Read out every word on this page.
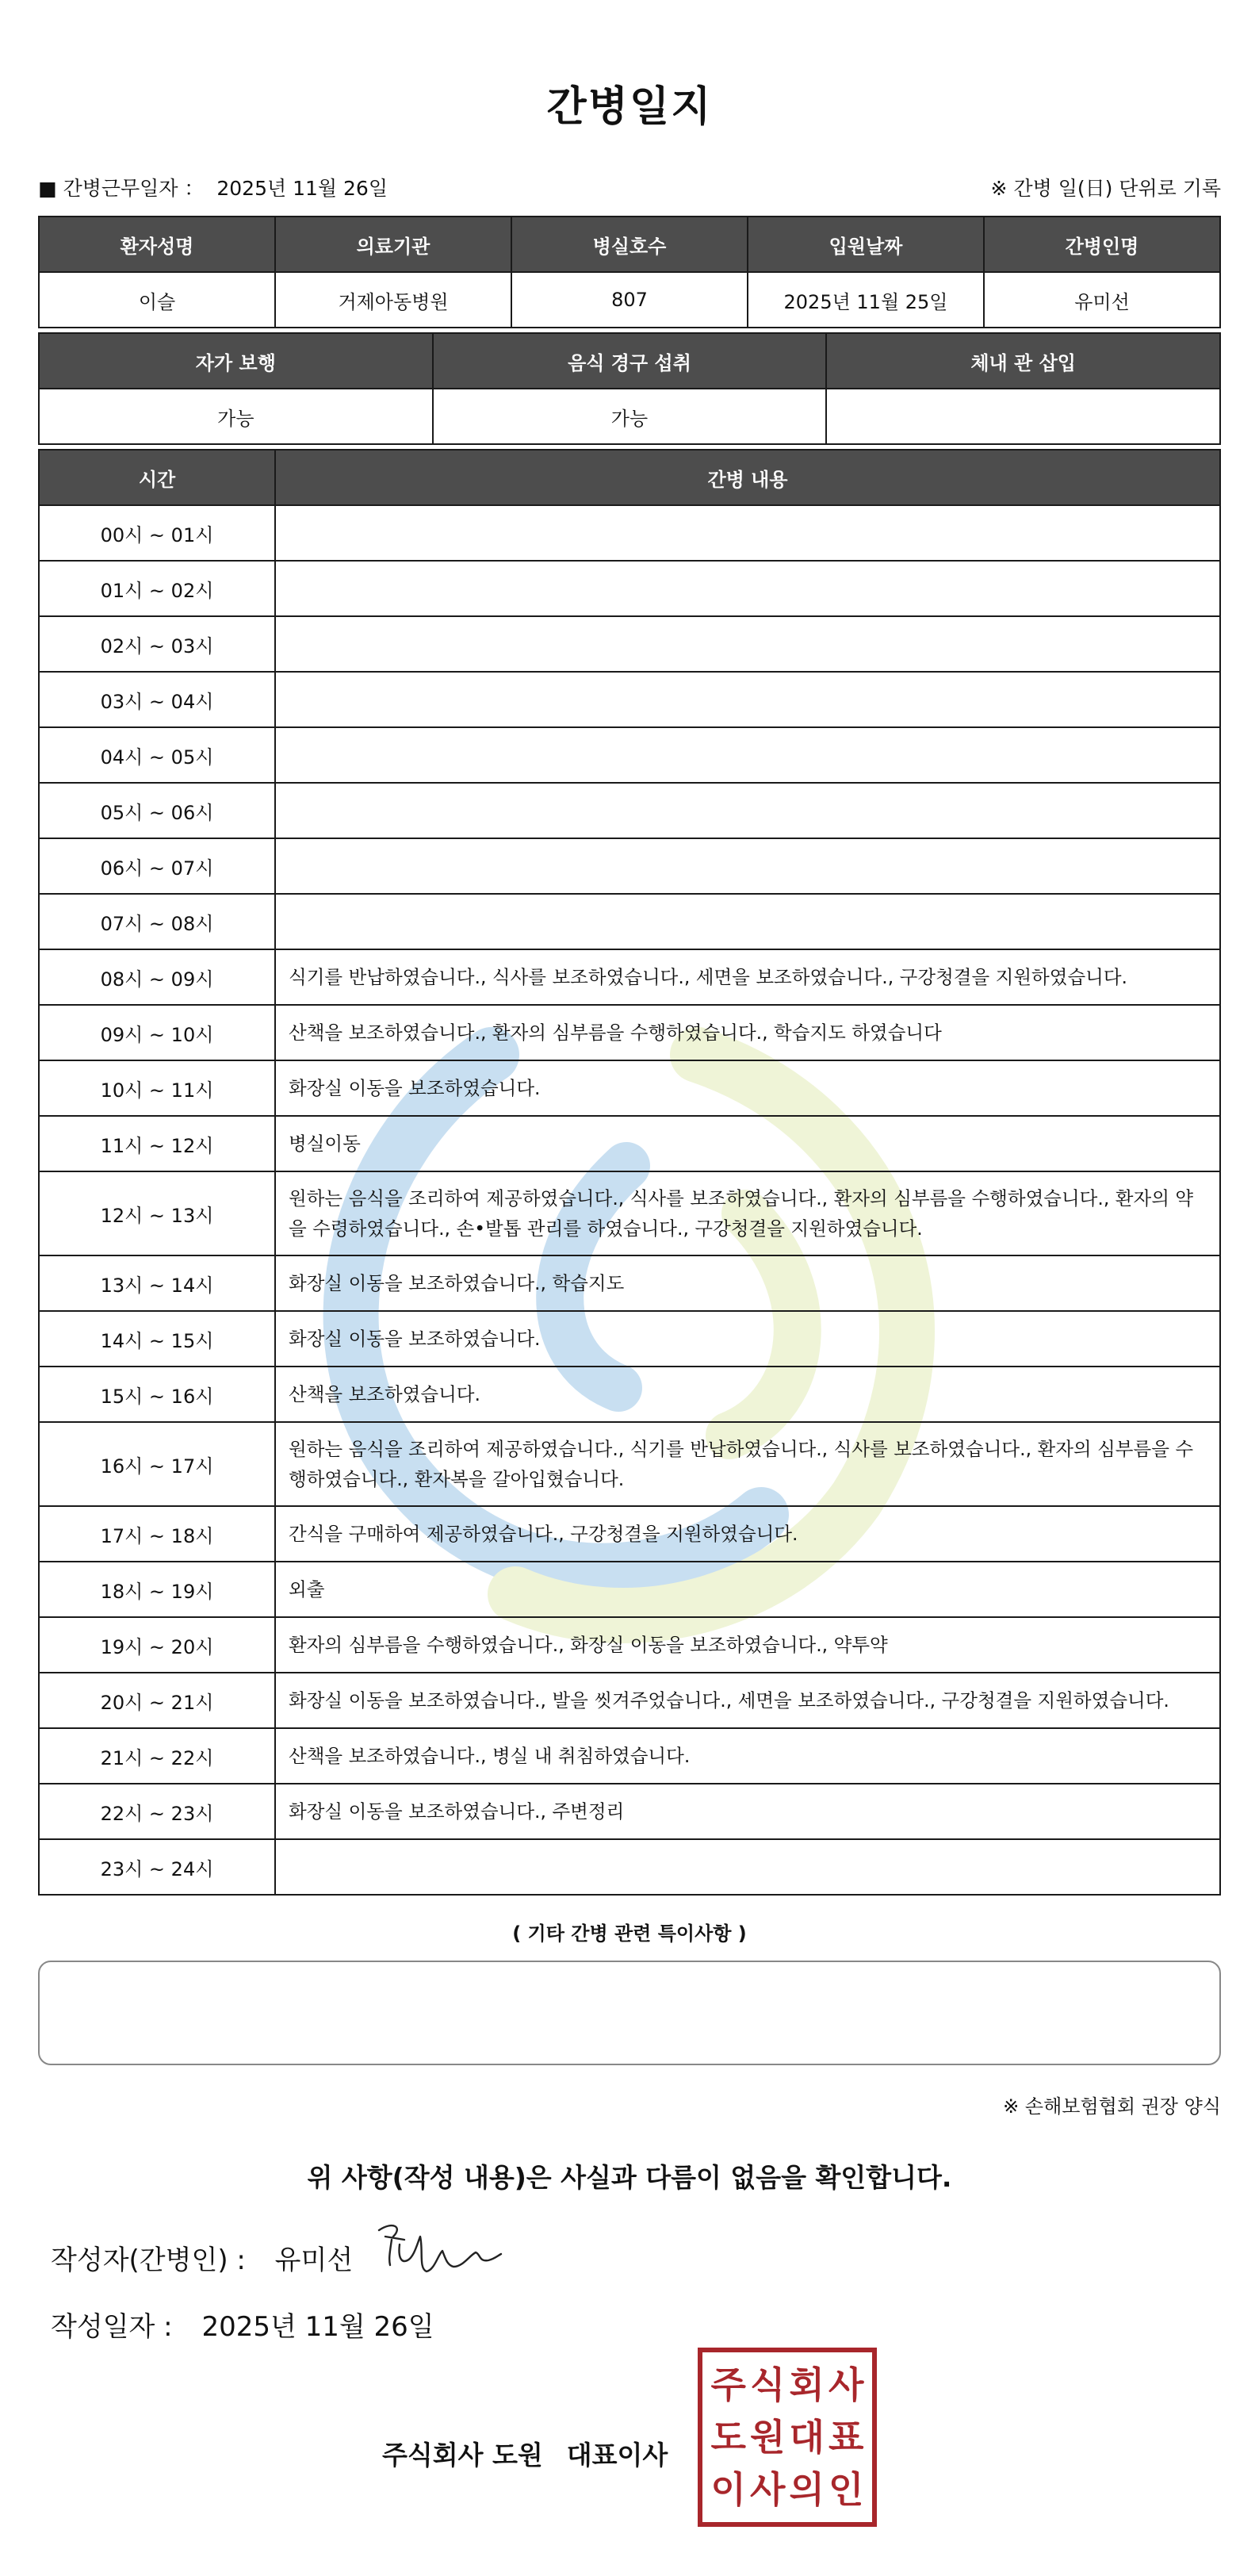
간병일지
■ 간병근무일자 ： 2025년 11월 26일	※ 간병 일(日) 단위로 기록
환자성명	의료기관	병실호수	입원날짜	간병인명
이슬	거제아동병원	807	2025년 11월 25일	유미선
자가 보행	음식 경구 섭취	체내 관 삽입
가능	가능	
시간	간병 내용
00시 ~ 01시	
01시 ~ 02시	
02시 ~ 03시	
03시 ~ 04시	
04시 ~ 05시	
05시 ~ 06시	
06시 ~ 07시	
07시 ~ 08시	
08시 ~ 09시	식기를 반납하였습니다., 식사를 보조하였습니다., 세면을 보조하였습니다., 구강청결을 지원하였습니다.
09시 ~ 10시	산책을 보조하였습니다., 환자의 심부름을 수행하였습니다., 학습지도 하였습니다
10시 ~ 11시	화장실 이동을 보조하였습니다.
11시 ~ 12시	병실이동
12시 ~ 13시	원하는 음식을 조리하여 제공하였습니다., 식사를 보조하였습니다., 환자의 심부름을 수행하였습니다., 환자의 약을 수령하였습니다., 손•발톱 관리를 하였습니다., 구강청결을 지원하였습니다.
13시 ~ 14시	화장실 이동을 보조하였습니다., 학습지도
14시 ~ 15시	화장실 이동을 보조하였습니다.
15시 ~ 16시	산책을 보조하였습니다.
16시 ~ 17시	원하는 음식을 조리하여 제공하였습니다., 식기를 반납하였습니다., 식사를 보조하였습니다., 환자의 심부름을 수행하였습니다., 환자복을 갈아입혔습니다.
17시 ~ 18시	간식을 구매하여 제공하였습니다., 구강청결을 지원하였습니다.
18시 ~ 19시	외출
19시 ~ 20시	환자의 심부름을 수행하였습니다., 화장실 이동을 보조하였습니다., 약투약
20시 ~ 21시	화장실 이동을 보조하였습니다., 발을 씻겨주었습니다., 세면을 보조하였습니다., 구강청결을 지원하였습니다.
21시 ~ 22시	산책을 보조하였습니다., 병실 내 취침하였습니다.
22시 ~ 23시	화장실 이동을 보조하였습니다., 주변정리
23시 ~ 24시	
( 기타 간병 관련 특이사항 )
※ 손해보험협회 권장 양식
위 사항(작성 내용)은 사실과 다름이 없음을 확인합니다.
작성자(간병인) : 유미선
작성일자 : 2025년 11월 26일
주식회사 도원 대표이사
주 식 회 사
도 원 대 표
이 사 의 인
